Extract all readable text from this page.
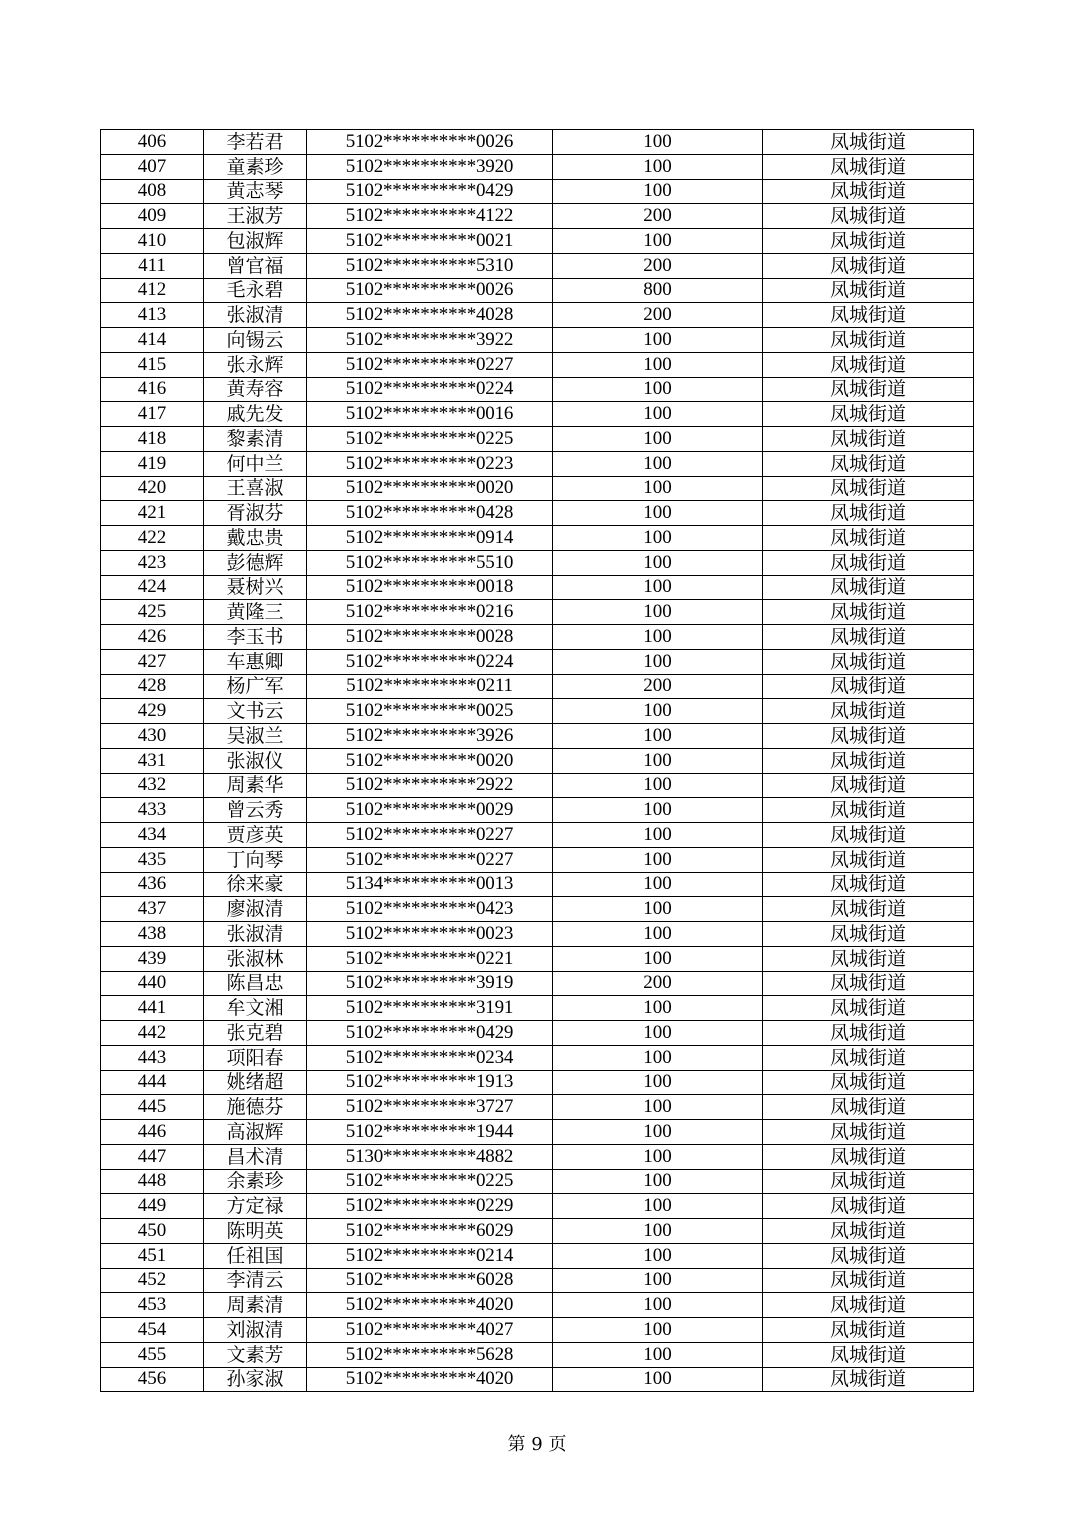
406	李若君	5102**********0026	100	凤城街道
407	童素珍	5102**********3920	100	凤城街道
408	黄志琴	5102**********0429	100	凤城街道
409	王淑芳	5102**********4122	200	凤城街道
410	包淑辉	5102**********0021	100	凤城街道
411	曾官福	5102**********5310	200	凤城街道
412	毛永碧	5102**********0026	800	凤城街道
413	张淑清	5102**********4028	200	凤城街道
414	向锡云	5102**********3922	100	凤城街道
415	张永辉	5102**********0227	100	凤城街道
416	黄寿容	5102**********0224	100	凤城街道
417	戚先发	5102**********0016	100	凤城街道
418	黎素清	5102**********0225	100	凤城街道
419	何中兰	5102**********0223	100	凤城街道
420	王喜淑	5102**********0020	100	凤城街道
421	胥淑芬	5102**********0428	100	凤城街道
422	戴忠贵	5102**********0914	100	凤城街道
423	彭德辉	5102**********5510	100	凤城街道
424	聂树兴	5102**********0018	100	凤城街道
425	黄隆三	5102**********0216	100	凤城街道
426	李玉书	5102**********0028	100	凤城街道
427	车惠卿	5102**********0224	100	凤城街道
428	杨广军	5102**********0211	200	凤城街道
429	文书云	5102**********0025	100	凤城街道
430	吴淑兰	5102**********3926	100	凤城街道
431	张淑仪	5102**********0020	100	凤城街道
432	周素华	5102**********2922	100	凤城街道
433	曾云秀	5102**********0029	100	凤城街道
434	贾彦英	5102**********0227	100	凤城街道
435	丁向琴	5102**********0227	100	凤城街道
436	徐来豪	5134**********0013	100	凤城街道
437	廖淑清	5102**********0423	100	凤城街道
438	张淑清	5102**********0023	100	凤城街道
439	张淑林	5102**********0221	100	凤城街道
440	陈昌忠	5102**********3919	200	凤城街道
441	牟文湘	5102**********3191	100	凤城街道
442	张克碧	5102**********0429	100	凤城街道
443	项阳春	5102**********0234	100	凤城街道
444	姚绪超	5102**********1913	100	凤城街道
445	施德芬	5102**********3727	100	凤城街道
446	高淑辉	5102**********1944	100	凤城街道
447	昌术清	5130**********4882	100	凤城街道
448	余素珍	5102**********0225	100	凤城街道
449	方定禄	5102**********0229	100	凤城街道
450	陈明英	5102**********6029	100	凤城街道
451	任祖国	5102**********0214	100	凤城街道
452	李清云	5102**********6028	100	凤城街道
453	周素清	5102**********4020	100	凤城街道
454	刘淑清	5102**********4027	100	凤城街道
455	文素芳	5102**********5628	100	凤城街道
456	孙家淑	5102**********4020	100	凤城街道
第 9 页
